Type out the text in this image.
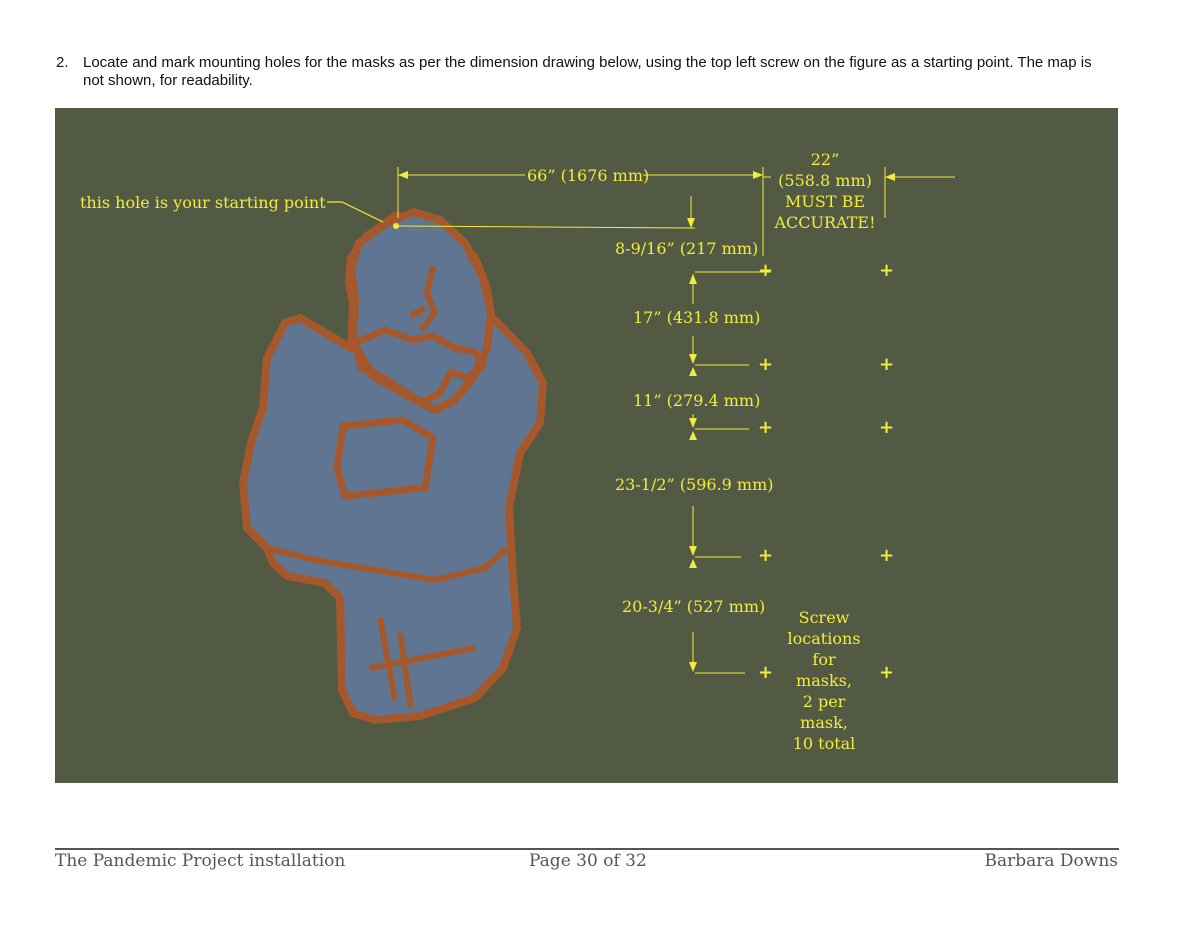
2. Locate and mark mounting holes for the masks as per the dimension drawing below, using the top left screw on the figure as a starting point. The map is not shown, for readability.
this hole is your starting point
66” (1676 mm)
22”
(558.8 mm)
MUST BE
ACCURATE!
8-9/16” (217 mm)
17” (431.8 mm)
11” (279.4 mm)
23-1/2” (596.9 mm)
20-3/4” (527 mm)
+
+
+
+
+
+
+
+
+
+
Screw
locations
for
masks,
2 per
mask,
10 total
The Pandemic Project installation	Page 30 of 32	Barbara Downs
